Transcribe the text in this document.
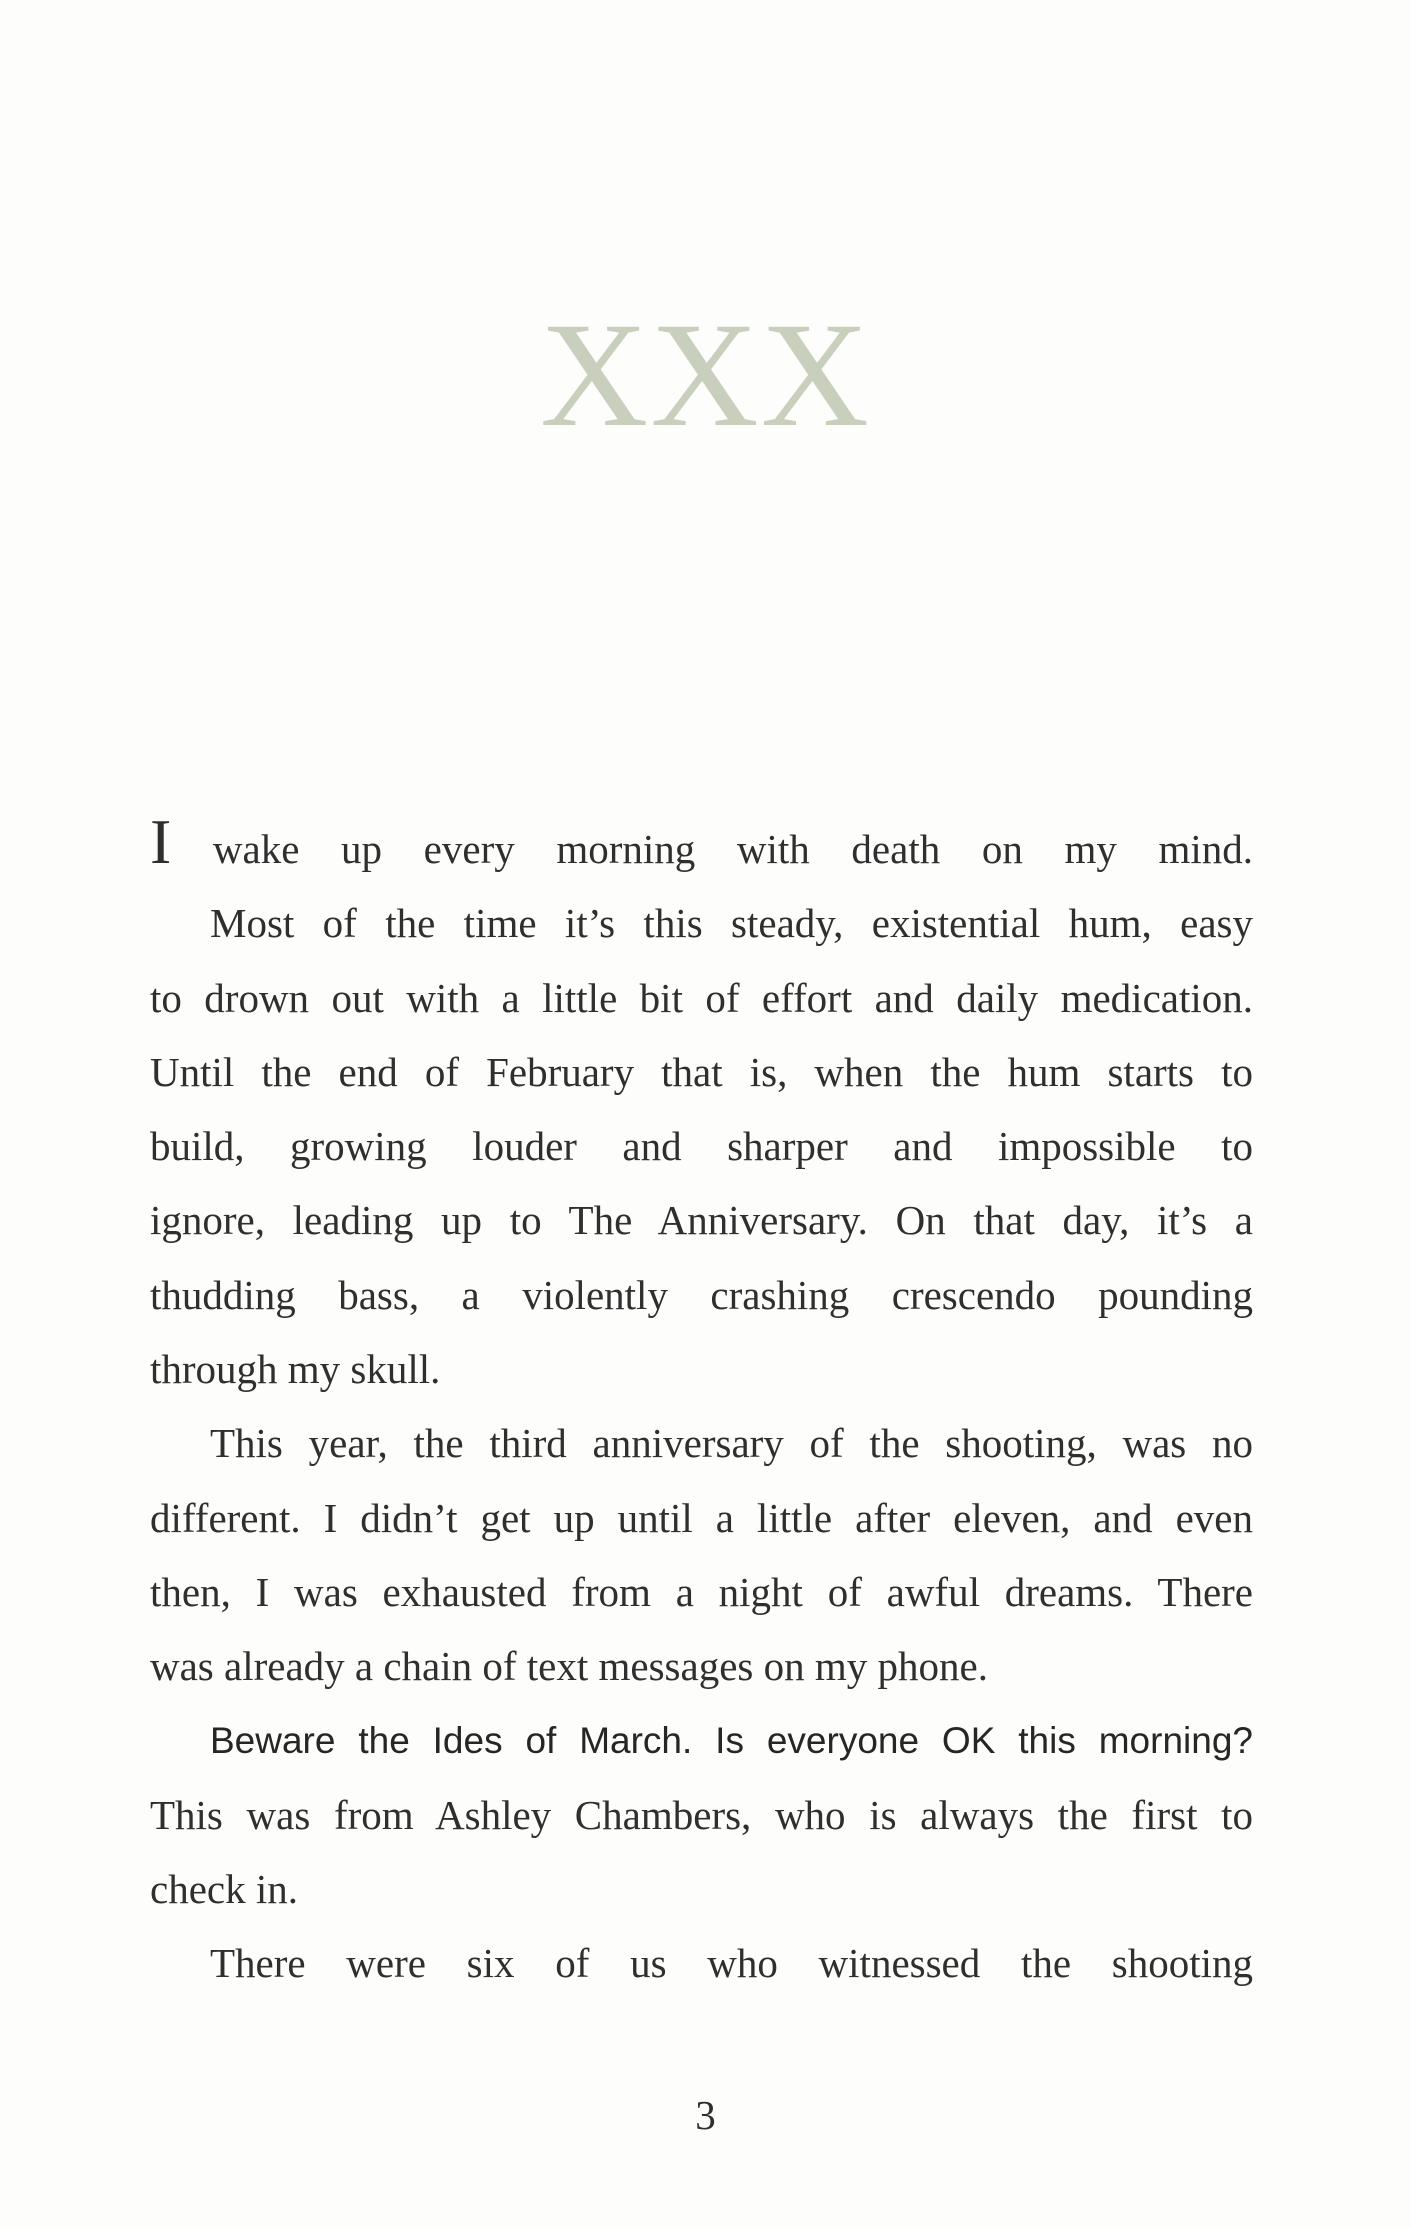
XXX
I wake up every morning with death on my mind.
Most of the time it’s this steady, existential hum, easy
to drown out with a little bit of effort and daily medication.
Until the end of February that is, when the hum starts to
build, growing louder and sharper and impossible to
ignore, leading up to The Anniversary. On that day, it’s a
thudding bass, a violently crashing crescendo pounding
through my skull.
This year, the third anniversary of the shooting, was no
different. I didn’t get up until a little after eleven, and even
then, I was exhausted from a night of awful dreams. There
was already a chain of text messages on my phone.
Beware the Ides of March. Is everyone OK this morning?
This was from Ashley Chambers, who is always the first to
check in.
There were six of us who witnessed the shooting
3
